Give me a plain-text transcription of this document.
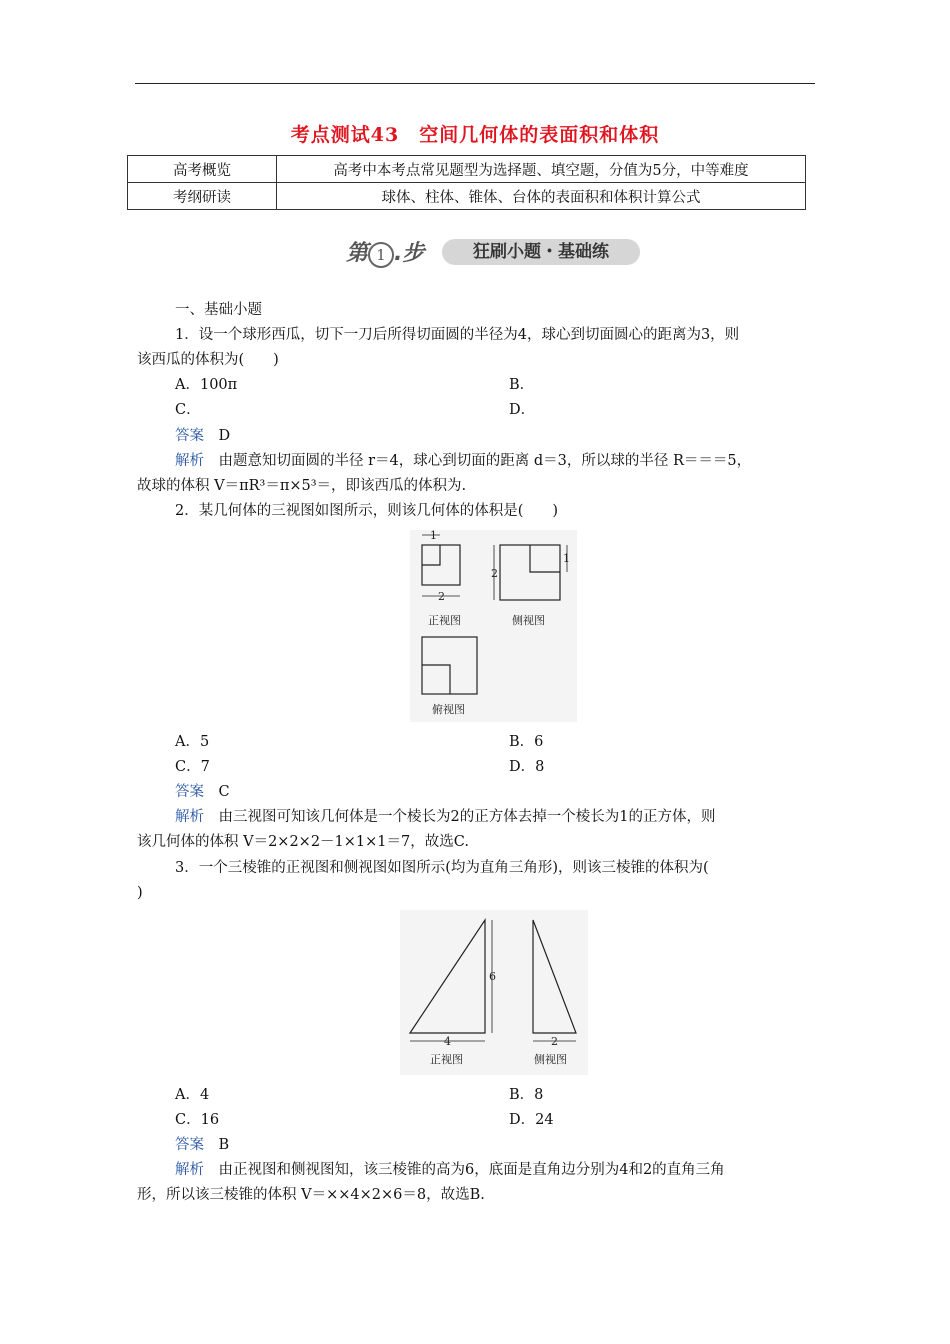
考点测试43　空间几何体的表面积和体积
高考概览	高考中本考点常见题型为选择题、填空题，分值为5分，中等难度
考纲研读	球体、柱体、锥体、台体的表面积和体积计算公式
第 1 .步	狂刷小题・基础练
一、基础小题
1．设一个球形西瓜，切下一刀后所得切面圆的半径为4，球心到切面圆心的距离为3，则
该西瓜的体积为(　　)
A．100π	B．
C．	D．
答案　 D
解析　 由题意知切面圆的半径 r＝4，球心到切面的距离 d＝3，所以球的半径 R＝＝＝5，
故球的体积 V＝πR³＝π×5³＝，即该西瓜的体积为.
2．某几何体的三视图如图所示，则该几何体的体积是(　　)
1
2
正视图
2
1
侧视图
俯视图
A．5	B．6
C．7	D．8
答案　 C
解析　 由三视图可知该几何体是一个棱长为2的正方体去掉一个棱长为1的正方体，则
该几何体的体积 V＝2×2×2－1×1×1＝7，故选C.
3．一个三棱锥的正视图和侧视图如图所示(均为直角三角形)，则该三棱锥的体积为(
)
6
4
正视图
2
侧视图
A．4	B．8
C．16	D．24
答案　 B
解析　 由正视图和侧视图知，该三棱锥的高为6，底面是直角边分别为4和2的直角三角
形，所以该三棱锥的体积 V＝××4×2×6＝8，故选B.
